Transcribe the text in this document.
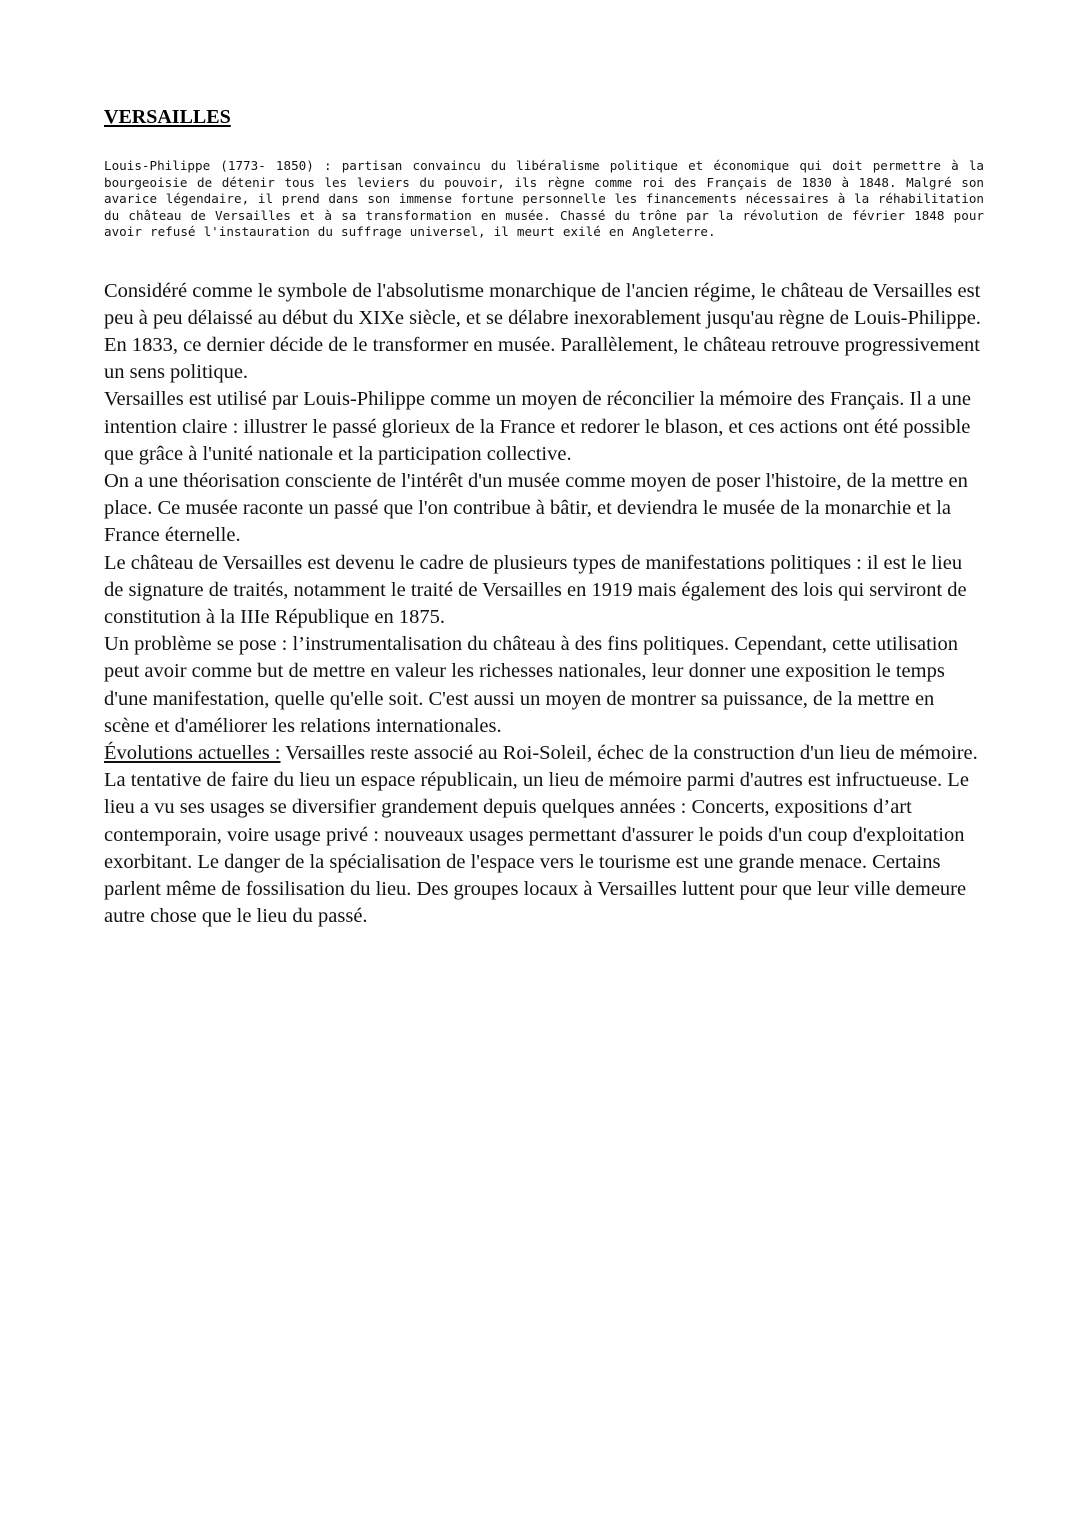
VERSAILLES

Louis-Philippe (1773- 1850) : partisan convaincu du libéralisme politique et économique qui doit permettre à la bourgeoisie de détenir tous les leviers du pouvoir, ils règne comme roi des Français de 1830 à 1848. Malgré son avarice légendaire, il prend dans son immense fortune personnelle les financements nécessaires à la réhabilitation du château de Versailles et à sa transformation en musée. Chassé du trône par la révolution de février 1848 pour avoir refusé l'instauration du suffrage universel, il meurt exilé en Angleterre.

Considéré comme le symbole de l'absolutisme monarchique de l'ancien régime, le château de Versailles est peu à peu délaissé au début du XIXe siècle, et se délabre inexorablement jusqu'au règne de Louis-Philippe. En 1833, ce dernier décide de le transformer en musée. Parallèlement, le château retrouve progressivement un sens politique.

Versailles est utilisé par Louis-Philippe comme un moyen de réconcilier la mémoire des Français. Il a une intention claire : illustrer le passé glorieux de la France et redorer le blason, et ces actions ont été possible que grâce à l'unité nationale et la participation collective.

On a une théorisation consciente de l'intérêt d'un musée comme moyen de poser l'histoire, de la mettre en place. Ce musée raconte un passé que l'on contribue à bâtir, et deviendra le musée de la monarchie et la France éternelle.

Le château de Versailles est devenu le cadre de plusieurs types de manifestations politiques : il est le lieu de signature de traités, notamment le traité de Versailles en 1919 mais également des lois qui serviront de constitution à la IIIe République en 1875.

Un problème se pose : l’instrumentalisation du château à des fins politiques. Cependant, cette utilisation peut avoir comme but de mettre en valeur les richesses nationales, leur donner une exposition le temps d'une manifestation, quelle qu'elle soit. C'est aussi un moyen de montrer sa puissance, de la mettre en scène et d'améliorer les relations internationales.

Évolutions actuelles : Versailles reste associé au Roi-Soleil, échec de la construction d'un lieu de mémoire. La tentative de faire du lieu un espace républicain, un lieu de mémoire parmi d'autres est infructueuse. Le lieu a vu ses usages se diversifier grandement depuis quelques années : Concerts, expositions d’art contemporain, voire usage privé : nouveaux usages permettant d'assurer le poids d'un coup d'exploitation exorbitant. Le danger de la spécialisation de l'espace vers le tourisme est une grande menace. Certains parlent même de fossilisation du lieu. Des groupes locaux à Versailles luttent pour que leur ville demeure autre chose que le lieu du passé.
